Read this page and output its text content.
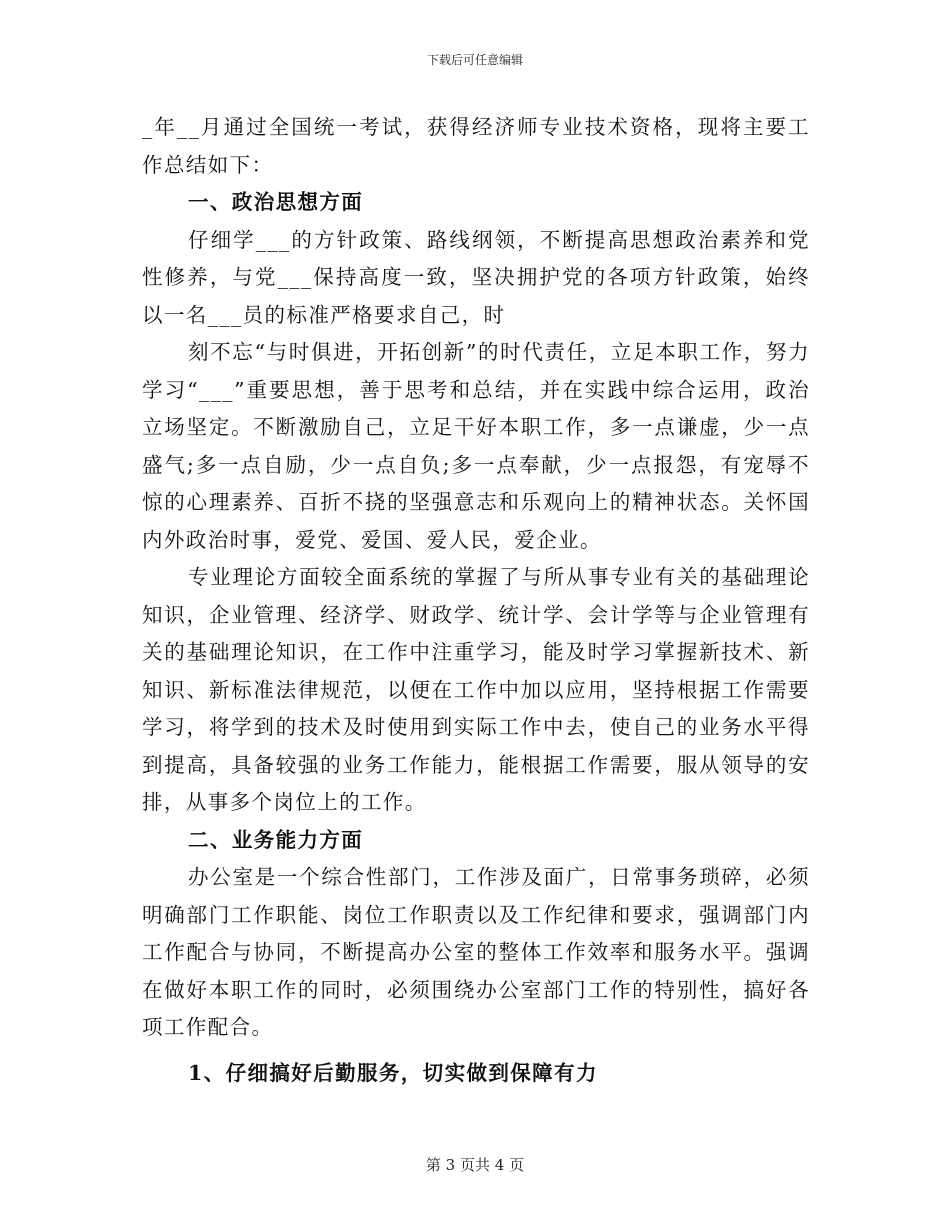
下载后可任意编辑

_年__月通过全国统一考试，获得经济师专业技术资格，现将主要工作总结如下：

一、政治思想方面

仔细学___的方针政策、路线纲领，不断提高思想政治素养和党性修养，与党___保持高度一致，坚决拥护党的各项方针政策，始终以一名___员的标准严格要求自己，时

刻不忘“与时俱进，开拓创新”的时代责任，立足本职工作，努力学习“___”重要思想，善于思考和总结，并在实践中综合运用，政治立场坚定。不断激励自己，立足干好本职工作，多一点谦虚，少一点盛气;多一点自励，少一点自负;多一点奉献，少一点报怨，有宠辱不惊的心理素养、百折不挠的坚强意志和乐观向上的精神状态。关怀国内外政治时事，爱党、爱国、爱人民，爱企业。

专业理论方面较全面系统的掌握了与所从事专业有关的基础理论知识，企业管理、经济学、财政学、统计学、会计学等与企业管理有关的基础理论知识，在工作中注重学习，能及时学习掌握新技术、新知识、新标准法律规范，以便在工作中加以应用，坚持根据工作需要学习，将学到的技术及时使用到实际工作中去，使自己的业务水平得到提高，具备较强的业务工作能力，能根据工作需要，服从领导的安排，从事多个岗位上的工作。

二、业务能力方面

办公室是一个综合性部门，工作涉及面广，日常事务琐碎，必须明确部门工作职能、岗位工作职责以及工作纪律和要求，强调部门内工作配合与协同，不断提高办公室的整体工作效率和服务水平。强调在做好本职工作的同时，必须围绕办公室部门工作的特别性，搞好各项工作配合。

1、仔细搞好后勤服务，切实做到保障有力

第 3 页共 4 页
